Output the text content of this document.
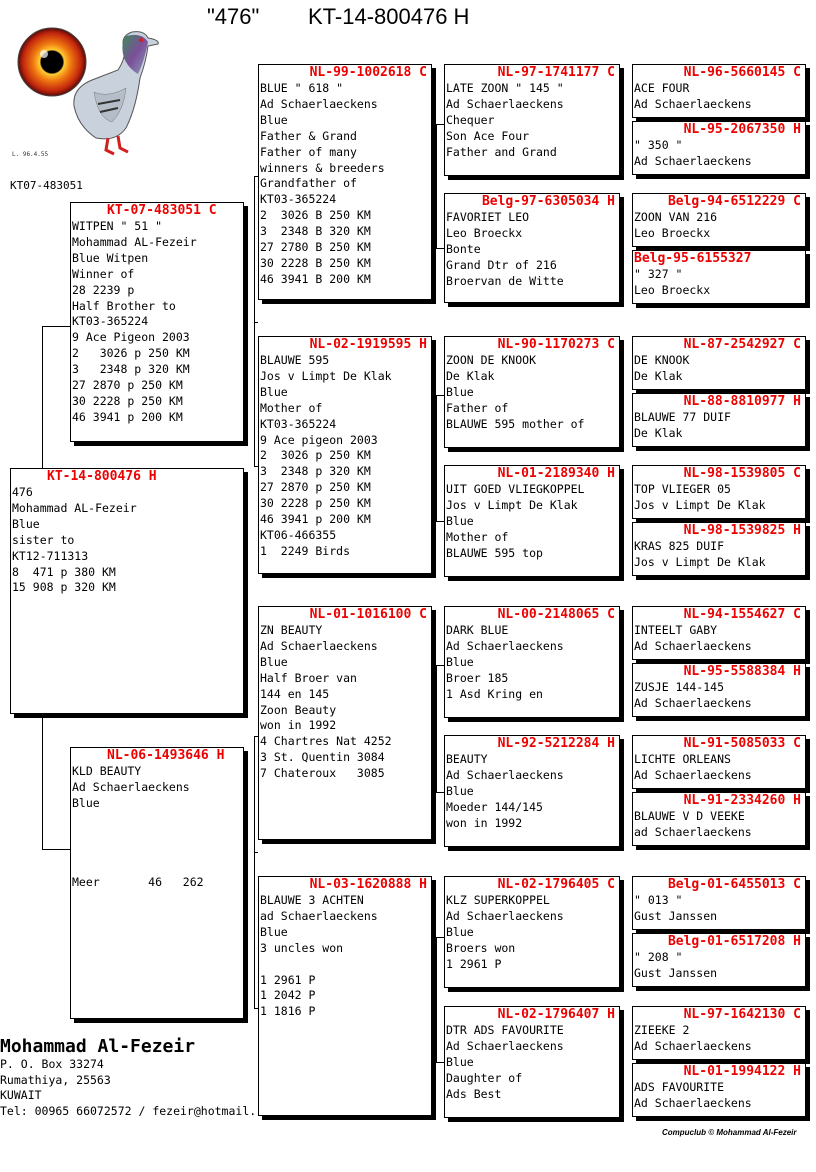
"476" KT-14-800476 H
L. 96.4.55
KT07-483051
KT-14-800476 H
476
Mohammad AL-Fezeir
Blue
sister to
KT12-711313
8  471 p 380 KM
15 908 p 320 KM
KT-07-483051 C
WITPEN " 51 "
Mohammad AL-Fezeir
Blue Witpen
Winner of
28 2239 p
Half Brother to
KT03-365224
9 Ace Pigeon 2003
2   3026 p 250 KM
3   2348 p 320 KM
27 2870 p 250 KM
30 2228 p 250 KM
46 3941 p 200 KM
NL-06-1493646 H
KLD BEAUTY
Ad Schaerlaeckens
Blue

Meer       46   262
NL-99-1002618 C
BLUE " 618 "
Ad Schaerlaeckens
Blue
Father & Grand
Father of many
winners & breeders
Grandfather of
KT03-365224
2  3026 B 250 KM
3  2348 B 320 KM
27 2780 B 250 KM
30 2228 B 250 KM
46 3941 B 200 KM
NL-02-1919595 H
BLAUWE 595
Jos v Limpt De Klak
Blue
Mother of
KT03-365224
9 Ace pigeon 2003
2  3026 p 250 KM
3  2348 p 320 KM
27 2870 p 250 KM
30 2228 p 250 KM
46 3941 p 200 KM
KT06-466355
1  2249 Birds
NL-01-1016100 C
ZN BEAUTY
Ad Schaerlaeckens
Blue
Half Broer van
144 en 145
Zoon Beauty
won in 1992
4 Chartres Nat 4252
3 St. Quentin 3084
7 Chateroux   3085
NL-03-1620888 H
BLAUWE 3 ACHTEN
ad Schaerlaeckens
Blue
3 uncles won

1 2961 P
1 2042 P
1 1816 P
NL-97-1741177 C
LATE ZOON " 145 "
Ad Schaerlaeckens
Chequer
Son Ace Four
Father and Grand
Belg-97-6305034 H
FAVORIET LEO
Leo Broeckx
Bonte
Grand Dtr of 216
Broervan de Witte
NL-90-1170273 C
ZOON DE KNOOK
De Klak
Blue
Father of
BLAUWE 595 mother of
NL-01-2189340 H
UIT GOED VLIEGKOPPEL
Jos v Limpt De Klak
Blue
Mother of
BLAUWE 595 top
NL-00-2148065 C
DARK BLUE
Ad Schaerlaeckens
Blue
Broer 185
1 Asd Kring en
NL-92-5212284 H
BEAUTY
Ad Schaerlaeckens
Blue
Moeder 144/145
won in 1992
NL-02-1796405 C
KLZ SUPERKOPPEL
Ad Schaerlaeckens
Blue
Broers won
1 2961 P
NL-02-1796407 H
DTR ADS FAVOURITE
Ad Schaerlaeckens
Blue
Daughter of
Ads Best
NL-96-5660145 C
ACE FOUR
Ad Schaerlaeckens
NL-95-2067350 H
" 350 "
Ad Schaerlaeckens
Belg-94-6512229 C
ZOON VAN 216
Leo Broeckx
Belg-95-6155327
" 327 "
Leo Broeckx
NL-87-2542927 C
DE KNOOK
De Klak
NL-88-8810977 H
BLAUWE 77 DUIF
De Klak
NL-98-1539805 C
TOP VLIEGER 05
Jos v Limpt De Klak
NL-98-1539825 H
KRAS 825 DUIF
Jos v Limpt De Klak
NL-94-1554627 C
INTEELT GABY
Ad Schaerlaeckens
NL-95-5588384 H
ZUSJE 144-145
Ad Schaerlaeckens
NL-91-5085033 C
LICHTE ORLEANS
Ad Schaerlaeckens
NL-91-2334260 H
BLAUWE V D VEEKE
ad Schaerlaeckens
Belg-01-6455013 C
" 013 "
Gust Janssen
Belg-01-6517208 H
" 208 "
Gust Janssen
NL-97-1642130 C
ZIEEKE 2
Ad Schaerlaeckens
NL-01-1994122 H
ADS FAVOURITE
Ad Schaerlaeckens
Mohammad Al-Fezeir
P. O. Box 33274
Rumathiya, 25563
KUWAIT
Tel: 00965 66072572 / fezeir@hotmail.
Compuclub © Mohammad Al-Fezeir
